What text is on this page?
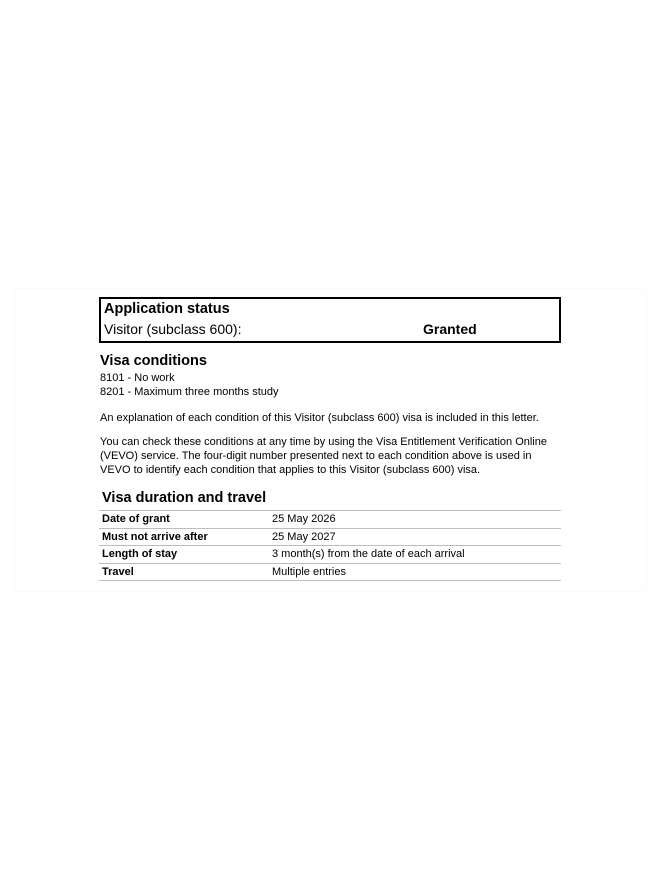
Application status
Visitor (subclass 600):	Granted
Visa conditions
8101 - No work
8201 - Maximum three months study
An explanation of each condition of this Visitor (subclass 600) visa is included in this letter.
You can check these conditions at any time by using the Visa Entitlement Verification Online (VEVO) service. The four-digit number presented next to each condition above is used in VEVO to identify each condition that applies to this Visitor (subclass 600) visa.
Visa duration and travel
Date of grant	25 May 2026
Must not arrive after	25 May 2027
Length of stay	3 month(s) from the date of each arrival
Travel	Multiple entries
